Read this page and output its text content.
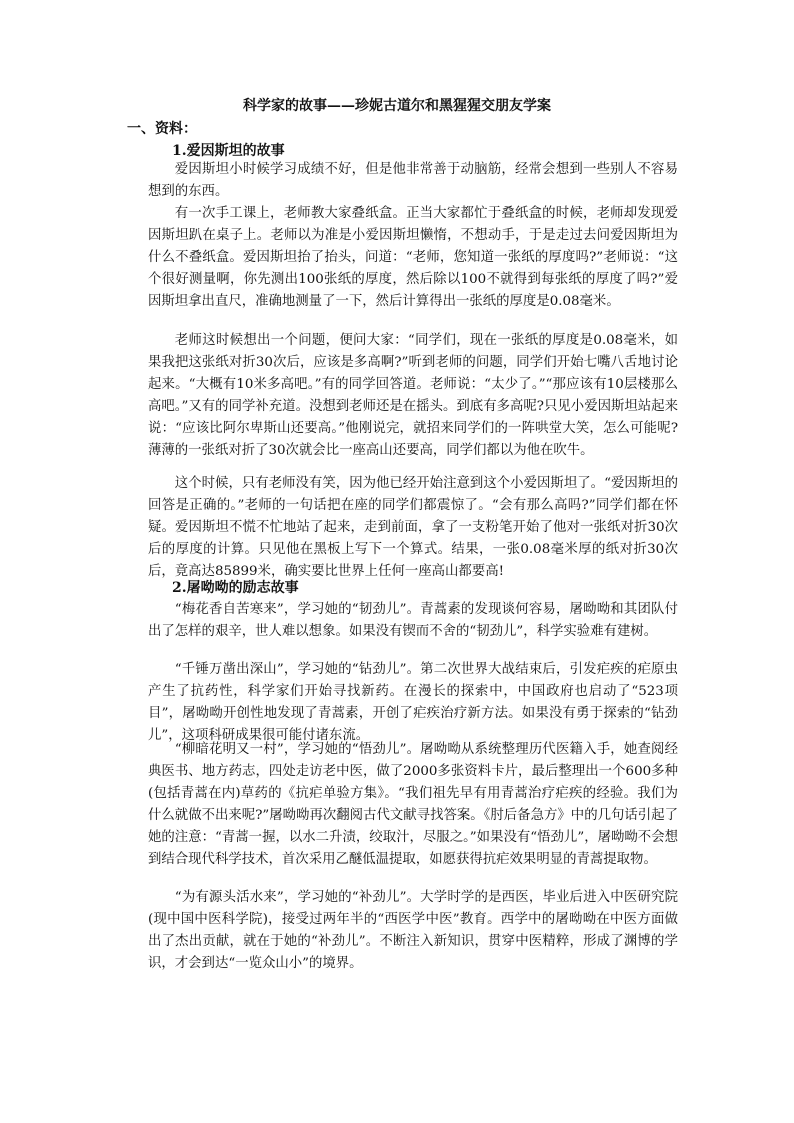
科学家的故事——珍妮古道尔和黑猩猩交朋友学案
一、资料：
1.爱因斯坦的故事

爱因斯坦小时候学习成绩不好，但是他非常善于动脑筋，经常会想到一些别人不容易想到的东西。

有一次手工课上，老师教大家叠纸盒。正当大家都忙于叠纸盒的时候，老师却发现爱因斯坦趴在桌子上。老师以为准是小爱因斯坦懒惰，不想动手，于是走过去问爱因斯坦为什么不叠纸盒。爱因斯坦抬了抬头，问道：“老师，您知道一张纸的厚度吗?”老师说：“这个很好测量啊，你先测出100张纸的厚度，然后除以100不就得到每张纸的厚度了吗?”爱因斯坦拿出直尺，准确地测量了一下，然后计算得出一张纸的厚度是0.08毫米。

老师这时候想出一个问题，便问大家：“同学们，现在一张纸的厚度是0.08毫米，如果我把这张纸对折30次后，应该是多高啊?”听到老师的问题，同学们开始七嘴八舌地讨论起来。“大概有10米多高吧。”有的同学回答道。老师说：“太少了。”“那应该有10层楼那么高吧。”又有的同学补充道。没想到老师还是在摇头。到底有多高呢?只见小爱因斯坦站起来说：“应该比阿尔卑斯山还要高。”他刚说完，就招来同学们的一阵哄堂大笑，怎么可能呢?薄薄的一张纸对折了30次就会比一座高山还要高，同学们都以为他在吹牛。

这个时候，只有老师没有笑，因为他已经开始注意到这个小爱因斯坦了。“爱因斯坦的回答是正确的。”老师的一句话把在座的同学们都震惊了。“会有那么高吗?”同学们都在怀疑。爱因斯坦不慌不忙地站了起来，走到前面，拿了一支粉笔开始了他对一张纸对折30次后的厚度的计算。只见他在黑板上写下一个算式。结果，一张0.08毫米厚的纸对折30次后，竟高达85899米，确实要比世界上任何一座高山都要高!

2.屠呦呦的励志故事

“梅花香自苦寒来”，学习她的“韧劲儿”。青蒿素的发现谈何容易，屠呦呦和其团队付出了怎样的艰辛，世人难以想象。如果没有锲而不舍的“韧劲儿”，科学实验难有建树。

“千锤万凿出深山”，学习她的“钻劲儿”。第二次世界大战结束后，引发疟疾的疟原虫产生了抗药性，科学家们开始寻找新药。在漫长的探索中，中国政府也启动了“523项目”，屠呦呦开创性地发现了青蒿素，开创了疟疾治疗新方法。如果没有勇于探索的“钻劲儿”，这项科研成果很可能付诸东流。

“柳暗花明又一村”，学习她的“悟劲儿”。屠呦呦从系统整理历代医籍入手，她查阅经典医书、地方药志，四处走访老中医，做了2000多张资料卡片，最后整理出一个600多种(包括青蒿在内)草药的《抗疟单验方集》。“我们祖先早有用青蒿治疗疟疾的经验。我们为什么就做不出来呢?”屠呦呦再次翻阅古代文献寻找答案。《肘后备急方》中的几句话引起了她的注意：“青蒿一握，以水二升渍，绞取汁，尽服之。”如果没有“悟劲儿”，屠呦呦不会想到结合现代科学技术，首次采用乙醚低温提取，如愿获得抗疟效果明显的青蒿提取物。

“为有源头活水来”，学习她的“补劲儿”。大学时学的是西医，毕业后进入中医研究院(现中国中医科学院)，接受过两年半的“西医学中医”教育。西学中的屠呦呦在中医方面做出了杰出贡献，就在于她的“补劲儿”。不断注入新知识，贯穿中医精粹，形成了渊博的学识，才会到达“一览众山小”的境界。
